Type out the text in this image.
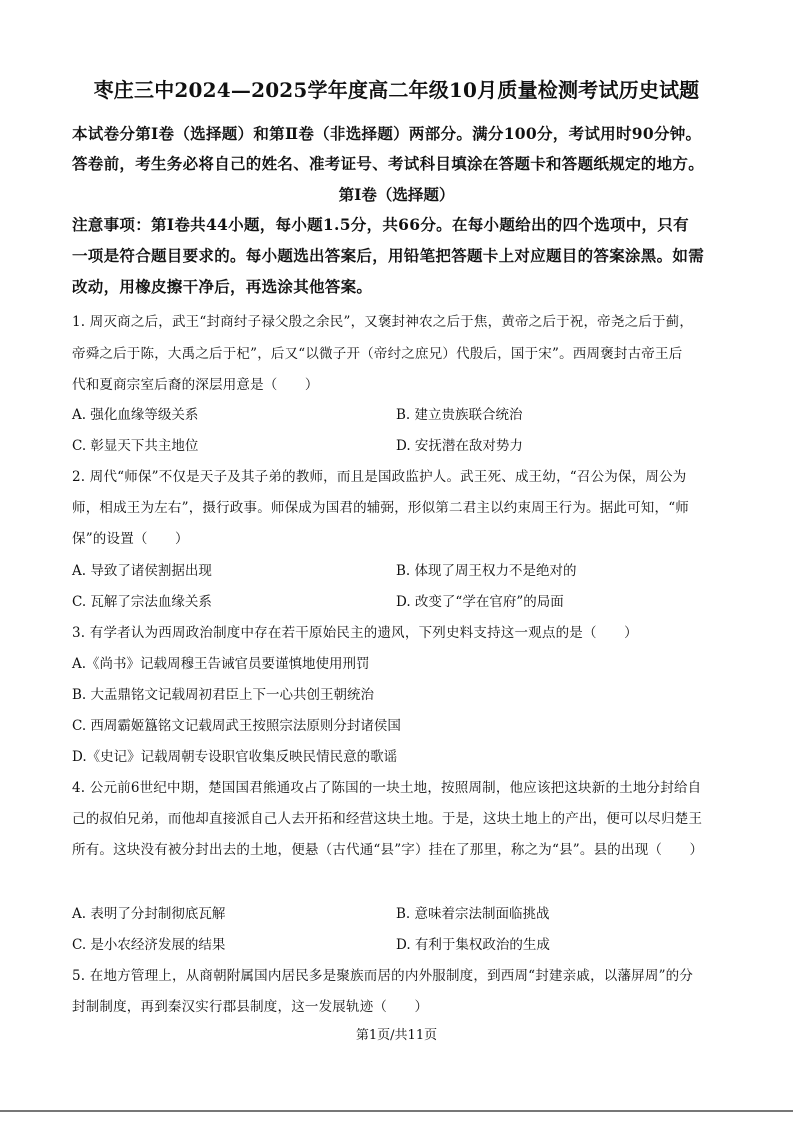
枣庄三中2024—2025学年度高二年级10月质量检测考试历史试题
本试卷分第Ⅰ卷（选择题）和第Ⅱ卷（非选择题）两部分。满分100分，考试用时90分钟。
答卷前，考生务必将自己的姓名、准考证号、考试科目填涂在答题卡和答题纸规定的地方。
第Ⅰ卷（选择题）
注意事项：第Ⅰ卷共44小题，每小题1.5分，共66分。在每小题给出的四个选项中，只有
一项是符合题目要求的。每小题选出答案后，用铅笔把答题卡上对应题目的答案涂黑。如需
改动，用橡皮擦干净后，再选涂其他答案。
1. 周灭商之后，武王“封商纣子禄父殷之余民”，又褒封神农之后于焦，黄帝之后于祝，帝尧之后于蓟，
帝舜之后于陈，大禹之后于杞”，后又“以微子开（帝纣之庶兄）代殷后，国于宋”。西周褒封古帝王后
代和夏商宗室后裔的深层用意是（　　）
A. 强化血缘等级关系	B. 建立贵族联合统治
C. 彰显天下共主地位	D. 安抚潜在敌对势力
2. 周代“师保”不仅是天子及其子弟的教师，而且是国政监护人。武王死、成王幼，“召公为保，周公为
师，相成王为左右”，摄行政事。师保成为国君的辅弼，形似第二君主以约束周王行为。据此可知，“师
保”的设置（　　）
A. 导致了诸侯割据出现	B. 体现了周王权力不是绝对的
C. 瓦解了宗法血缘关系	D. 改变了“学在官府”的局面
3. 有学者认为西周政治制度中存在若干原始民主的遗风，下列史料支持这一观点的是（　　）
A.《尚书》记载周穆王告诫官员要谨慎地使用刑罚
B. 大盂鼎铭文记载周初君臣上下一心共创王朝统治
C. 西周霸姬簋铭文记载周武王按照宗法原则分封诸侯国
D.《史记》记载周朝专设职官收集反映民情民意的歌谣
4. 公元前6世纪中期，楚国国君熊通攻占了陈国的一块土地，按照周制，他应该把这块新的土地分封给自
己的叔伯兄弟，而他却直接派自己人去开拓和经营这块土地。于是，这块土地上的产出，便可以尽归楚王
所有。这块没有被分封出去的土地，便悬（古代通“县”字）挂在了那里，称之为“县”。县的出现（　　）
A. 表明了分封制彻底瓦解	B. 意味着宗法制面临挑战
C. 是小农经济发展的结果	D. 有利于集权政治的生成
5. 在地方管理上，从商朝附属国内居民多是聚族而居的内外服制度，到西周“封建亲戚，以藩屏周”的分
封制制度，再到秦汉实行郡县制度，这一发展轨迹（　　）
第1页/共11页
